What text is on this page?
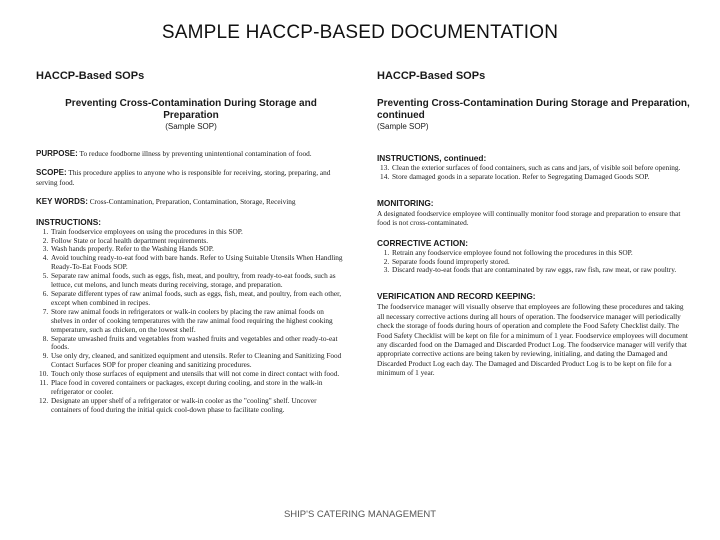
SAMPLE HACCP-BASED DOCUMENTATION
HACCP-Based SOPs
Preventing Cross-Contamination During Storage and Preparation
(Sample SOP)
PURPOSE: To reduce foodborne illness by preventing unintentional contamination of food.
SCOPE: This procedure applies to anyone who is responsible for receiving, storing, preparing, and serving food.
KEY WORDS: Cross-Contamination, Preparation, Contamination, Storage, Receiving
INSTRUCTIONS:
1. Train foodservice employees on using the procedures in this SOP.
2. Follow State or local health department requirements.
3. Wash hands properly. Refer to the Washing Hands SOP.
4. Avoid touching ready-to-eat food with bare hands. Refer to Using Suitable Utensils When Handling Ready-To-Eat Foods SOP.
5. Separate raw animal foods, such as eggs, fish, meat, and poultry, from ready-to-eat foods, such as lettuce, cut melons, and lunch meats during receiving, storage, and preparation.
6. Separate different types of raw animal foods, such as eggs, fish, meat, and poultry, from each other, except when combined in recipes.
7. Store raw animal foods in refrigerators or walk-in coolers by placing the raw animal foods on shelves in order of cooking temperatures with the raw animal food requiring the highest cooking temperature, such as chicken, on the lowest shelf.
8. Separate unwashed fruits and vegetables from washed fruits and vegetables and other ready-to-eat foods.
9. Use only dry, cleaned, and sanitized equipment and utensils. Refer to Cleaning and Sanitizing Food Contact Surfaces SOP for proper cleaning and sanitizing procedures.
10. Touch only those surfaces of equipment and utensils that will not come in direct contact with food.
11. Place food in covered containers or packages, except during cooling, and store in the walk-in refrigerator or cooler.
12. Designate an upper shelf of a refrigerator or walk-in cooler as the "cooling" shelf. Uncover containers of food during the initial quick cool-down phase to facilitate cooling.
HACCP-Based SOPs
Preventing Cross-Contamination During Storage and Preparation, continued
(Sample SOP)
INSTRUCTIONS, continued:
13. Clean the exterior surfaces of food containers, such as cans and jars, of visible soil before opening.
14. Store damaged goods in a separate location. Refer to Segregating Damaged Goods SOP.
MONITORING:
A designated foodservice employee will continually monitor food storage and preparation to ensure that food is not cross-contaminated.
CORRECTIVE ACTION:
1. Retrain any foodservice employee found not following the procedures in this SOP.
2. Separate foods found improperly stored.
3. Discard ready-to-eat foods that are contaminated by raw eggs, raw fish, raw meat, or raw poultry.
VERIFICATION AND RECORD KEEPING:
The foodservice manager will visually observe that employees are following these procedures and taking all necessary corrective actions during all hours of operation. The foodservice manager will periodically check the storage of foods during hours of operation and complete the Food Safety Checklist daily. The Food Safety Checklist will be kept on file for a minimum of 1 year. Foodservice employees will document any discarded food on the Damaged and Discarded Product Log. The foodservice manager will verify that appropriate corrective actions are being taken by reviewing, initialing, and dating the Damaged and Discarded Product Log each day. The Damaged and Discarded Product Log is to be kept on file for a minimum of 1 year.
SHIP'S CATERING MANAGEMENT
